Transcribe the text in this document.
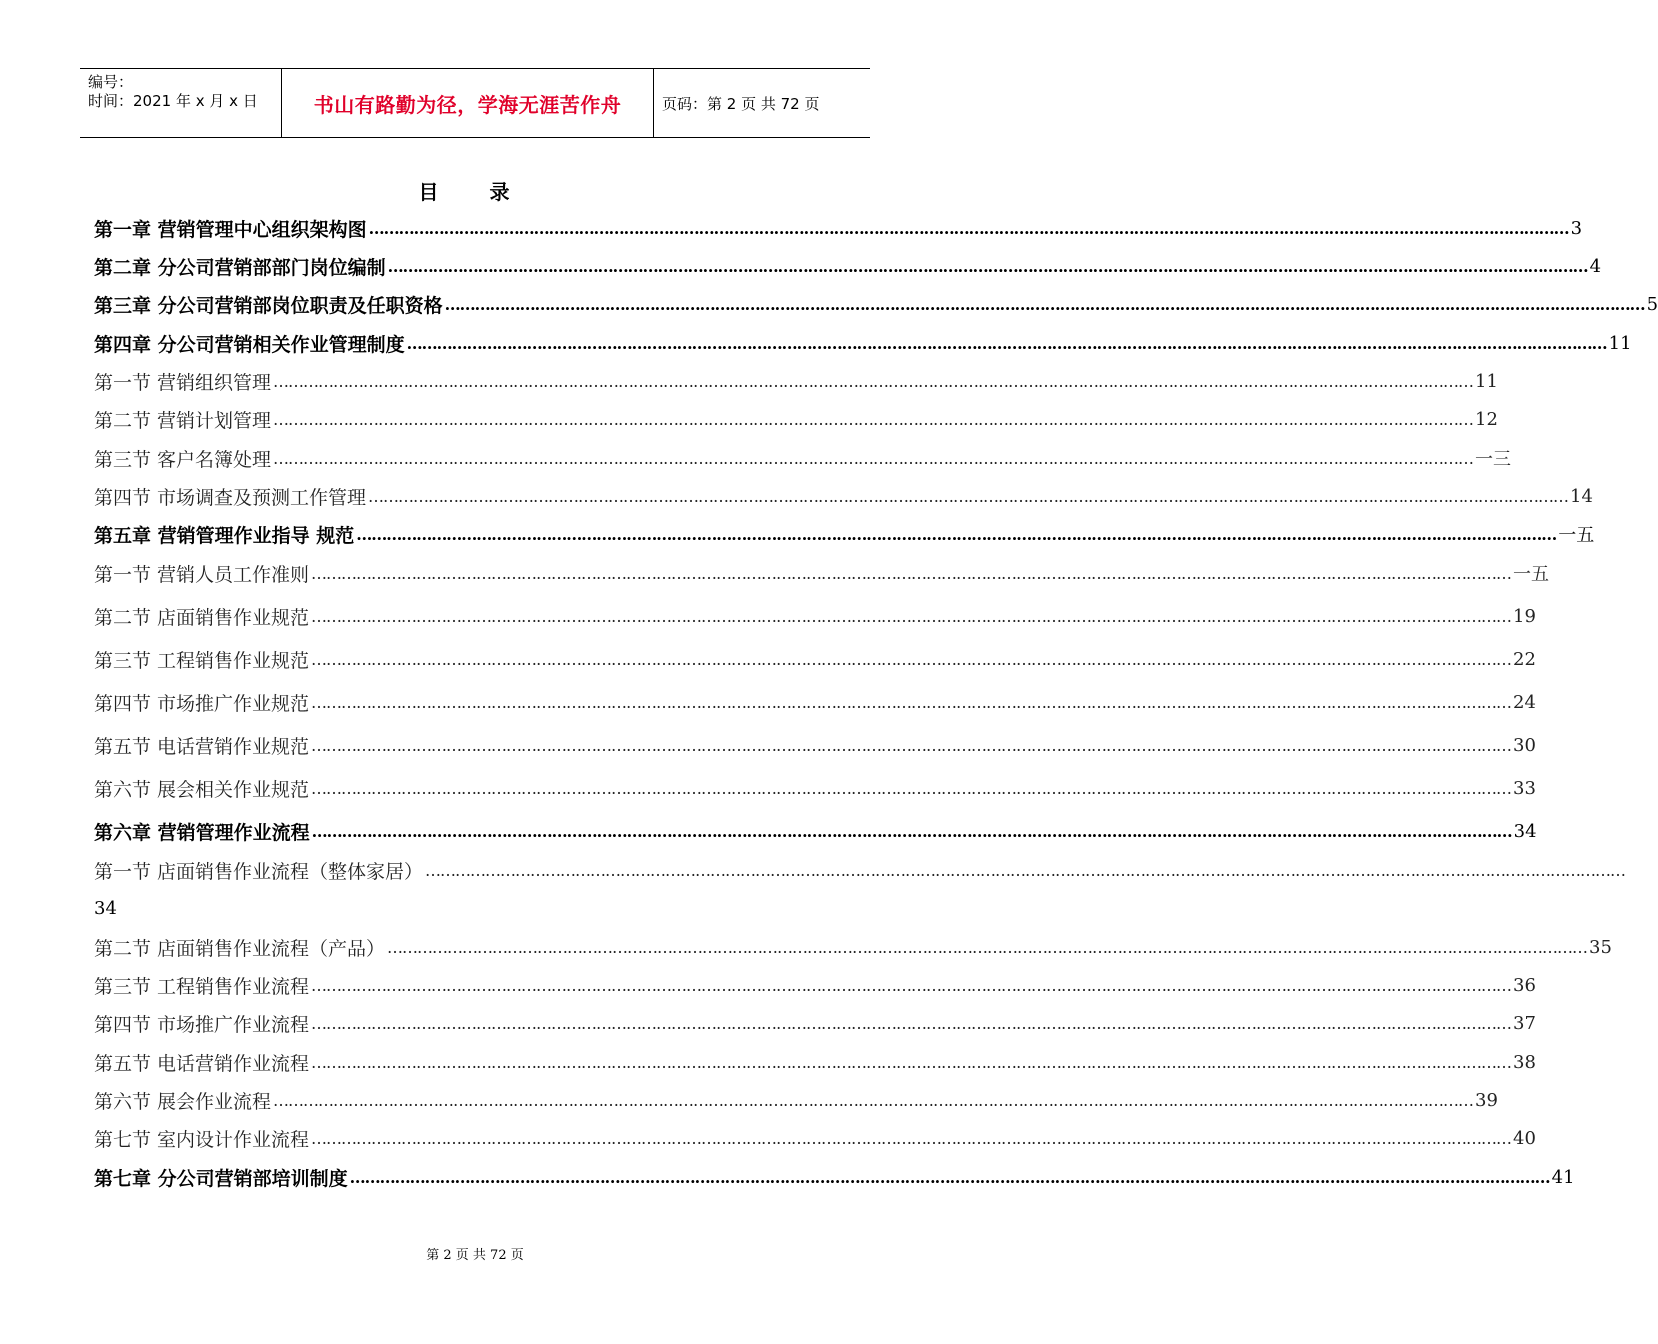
编号：
时间：2021 年 x 月 x 日	书山有路勤为径，学海无涯苦作舟	页码：第 2 页 共 72 页
目 录
第一章 营销管理中心组织架构图 …………………………………………………………………………………………………………………………………………………………………………………………………………………… 3
第二章 分公司营销部部门岗位编制 …………………………………………………………………………………………………………………………………………………………………………………………………………………… 4
第三章 分公司营销部岗位职责及任职资格 …………………………………………………………………………………………………………………………………………………………………………………………………………………… 5
第四章 分公司营销相关作业管理制度 …………………………………………………………………………………………………………………………………………………………………………………………………………………… 11
第一节 营销组织管理 …………………………………………………………………………………………………………………………………………………………………………………………………………………… 11
第二节 营销计划管理 …………………………………………………………………………………………………………………………………………………………………………………………………………………… 12
第三节 客户名簿处理 …………………………………………………………………………………………………………………………………………………………………………………………………………………… 一三
第四节 市场调查及预测工作管理 …………………………………………………………………………………………………………………………………………………………………………………………………………………… 14
第五章 营销管理作业指导 规范 …………………………………………………………………………………………………………………………………………………………………………………………………………………… 一五
第一节 营销人员工作准则 …………………………………………………………………………………………………………………………………………………………………………………………………………………… 一五
第二节 店面销售作业规范 …………………………………………………………………………………………………………………………………………………………………………………………………………………… 19
第三节 工程销售作业规范 …………………………………………………………………………………………………………………………………………………………………………………………………………………… 22
第四节 市场推广作业规范 …………………………………………………………………………………………………………………………………………………………………………………………………………………… 24
第五节 电话营销作业规范 …………………………………………………………………………………………………………………………………………………………………………………………………………………… 30
第六节 展会相关作业规范 …………………………………………………………………………………………………………………………………………………………………………………………………………………… 33
第六章 营销管理作业流程 …………………………………………………………………………………………………………………………………………………………………………………………………………………… 34
第一节 店面销售作业流程（整体家居） ……………………………………………………………………………………………………………………………………………………………………………………………………………………
34
第二节 店面销售作业流程（产品） …………………………………………………………………………………………………………………………………………………………………………………………………………………… 35
第三节 工程销售作业流程 …………………………………………………………………………………………………………………………………………………………………………………………………………………… 36
第四节 市场推广作业流程 …………………………………………………………………………………………………………………………………………………………………………………………………………………… 37
第五节 电话营销作业流程 …………………………………………………………………………………………………………………………………………………………………………………………………………………… 38
第六节 展会作业流程 …………………………………………………………………………………………………………………………………………………………………………………………………………………… 39
第七节 室内设计作业流程 …………………………………………………………………………………………………………………………………………………………………………………………………………………… 40
第七章 分公司营销部培训制度 …………………………………………………………………………………………………………………………………………………………………………………………………………………… 41
第 2 页 共 72 页
